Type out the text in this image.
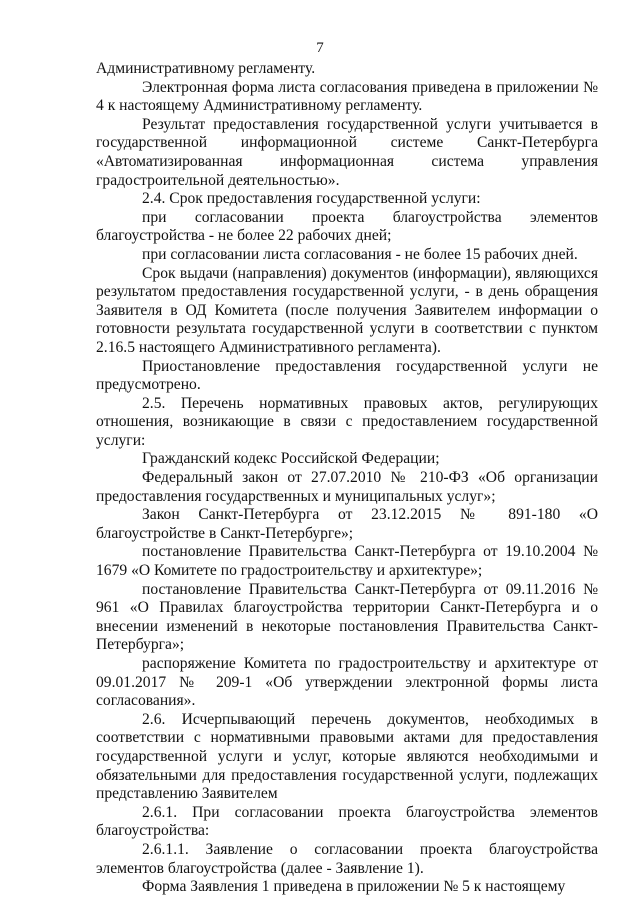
7

Административному регламенту.

Электронная форма листа согласования приведена в приложении № 4 к настоящему Административному регламенту.

Результат предоставления государственной услуги учитывается в государственной информационной системе Санкт-Петербурга «Автоматизированная информационная система управления градостроительной деятельностью».

2.4. Срок предоставления государственной услуги:

при согласовании проекта благоустройства элементов благоустройства - не более 22 рабочих дней;

при согласовании листа согласования - не более 15 рабочих дней.

Срок выдачи (направления) документов (информации), являющихся результатом предоставления государственной услуги, - в день обращения Заявителя в ОД Комитета (после получения Заявителем информации о готовности результата государственной услуги в соответствии с пунктом 2.16.5 настоящего Административного регламента).

Приостановление предоставления государственной услуги не предусмотрено.

2.5. Перечень нормативных правовых актов, регулирующих отношения, возникающие в связи с предоставлением государственной услуги:

Гражданский кодекс Российской Федерации;

Федеральный закон от 27.07.2010 № 210-ФЗ «Об организации предоставления государственных и муниципальных услуг»;

Закон Санкт-Петербурга от 23.12.2015 № 891-180 «О благоустройстве в Санкт-Петербурге»;

постановление Правительства Санкт-Петербурга от 19.10.2004 № 1679 «О Комитете по градостроительству и архитектуре»;

постановление Правительства Санкт-Петербурга от 09.11.2016 № 961 «О Правилах благоустройства территории Санкт-Петербурга и о внесении изменений в некоторые постановления Правительства Санкт-Петербурга»;

распоряжение Комитета по градостроительству и архитектуре от 09.01.2017 № 209-1 «Об утверждении электронной формы листа согласования».

2.6. Исчерпывающий перечень документов, необходимых в соответствии с нормативными правовыми актами для предоставления государственной услуги и услуг, которые являются необходимыми и обязательными для предоставления государственной услуги, подлежащих представлению Заявителем

2.6.1. При согласовании проекта благоустройства элементов благоустройства:

2.6.1.1. Заявление о согласовании проекта благоустройства элементов благоустройства (далее - Заявление 1).

Форма Заявления 1 приведена в приложении № 5 к настоящему
